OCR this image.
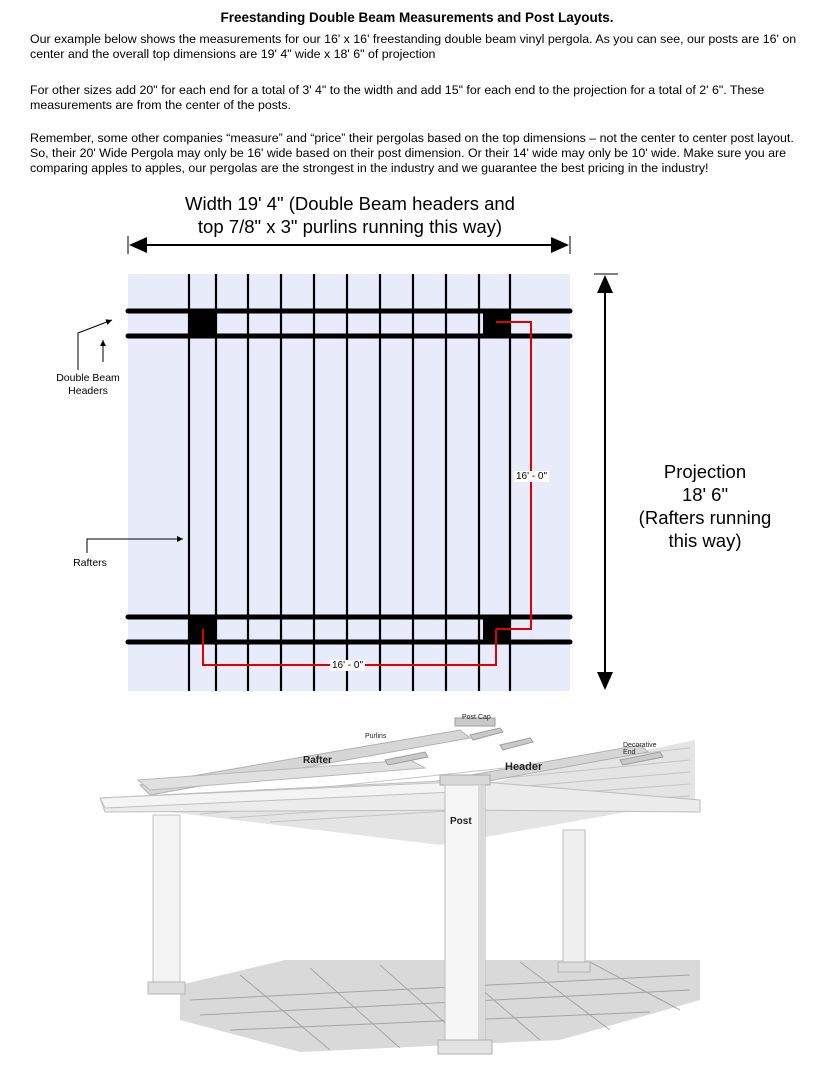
Freestanding Double Beam Measurements and Post Layouts.

Our example below shows the measurements for our 16' x 16' freestanding double beam vinyl pergola. As you can see, our posts are 16' on center and the overall top dimensions are 19' 4" wide x 18' 6" of projection

For other sizes add 20" for each end for a total of 3' 4" to the width and add 15" for each end to the projection for a total of 2' 6". These measurements are from the center of the posts.

Remember, some other companies “measure” and “price” their pergolas based on the top dimensions – not the center to center post layout. So, their 20' Wide Pergola may only be 16' wide based on their post dimension. Or their 14' wide may only be 10' wide. Make sure you are comparing apples to apples, our pergolas are the strongest in the industry and we guarantee the best pricing in the industry!

Width 19' 4" (Double Beam headers and
top 7/8" x 3" purlins running this way)
Projection
18' 6"
(Rafters running
this way)
Double Beam
Headers
Rafters
16' - 0"
16' - 0"
Post Cap
Purlins
Decorative
End
Rafter
Header
Post
